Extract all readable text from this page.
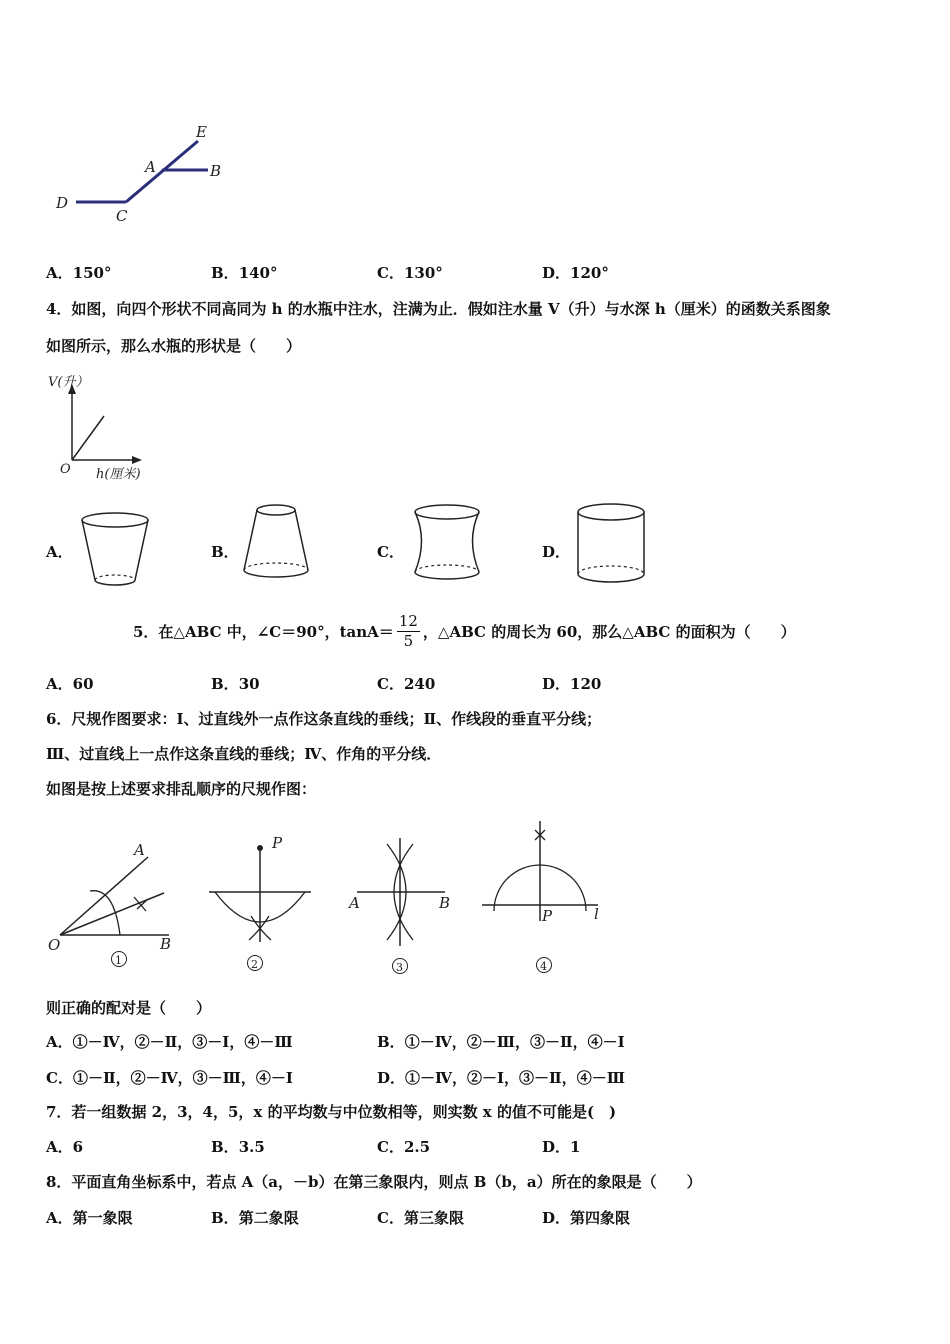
E
A	B
D
C
A．150°	B．140°	C．130°	D．120°
4．如图，向四个形状不同高同为 h 的水瓶中注水，注满为止．假如注水量 V（升）与水深 h（厘米）的函数关系图象
如图所示，那么水瓶的形状是（　　）
V(升）
O h(厘米)
A．	B．	C．	D．
5．在△ABC 中，∠C＝90°，$\tan A= \frac{12}{5}$ ，△ABC 的周长为 60，那么△ABC 的面积为（　　）
A．60	B．30	C．240	D．120
6．尺规作图要求：Ⅰ、过直线外一点作这条直线的垂线；Ⅱ、作线段的垂直平分线；
Ⅲ、过直线上一点作这条直线的垂线；Ⅳ、作角的平分线．
如图是按上述要求排乱顺序的尺规作图：
A
O	B
1
P
2
A	B
3
P	l
4
则正确的配对是（　　）
A．①－Ⅳ，②－Ⅱ，③－Ⅰ，④－Ⅲ	B．①－Ⅳ，②－Ⅲ，③－Ⅱ，④－Ⅰ
C．①－Ⅱ，②－Ⅳ，③－Ⅲ，④－Ⅰ	D．①－Ⅳ，②－Ⅰ，③－Ⅱ，④－Ⅲ
7．若一组数据 2，3，4，5，x 的平均数与中位数相等，则实数 x 的值不可能是(　)
A．6	B．3.5	C．2.5	D．1
8．平面直角坐标系中，若点 A（a，－b）在第三象限内，则点 B（b，a）所在的象限是（　　）
A．第一象限	B．第二象限	C．第三象限	D．第四象限
